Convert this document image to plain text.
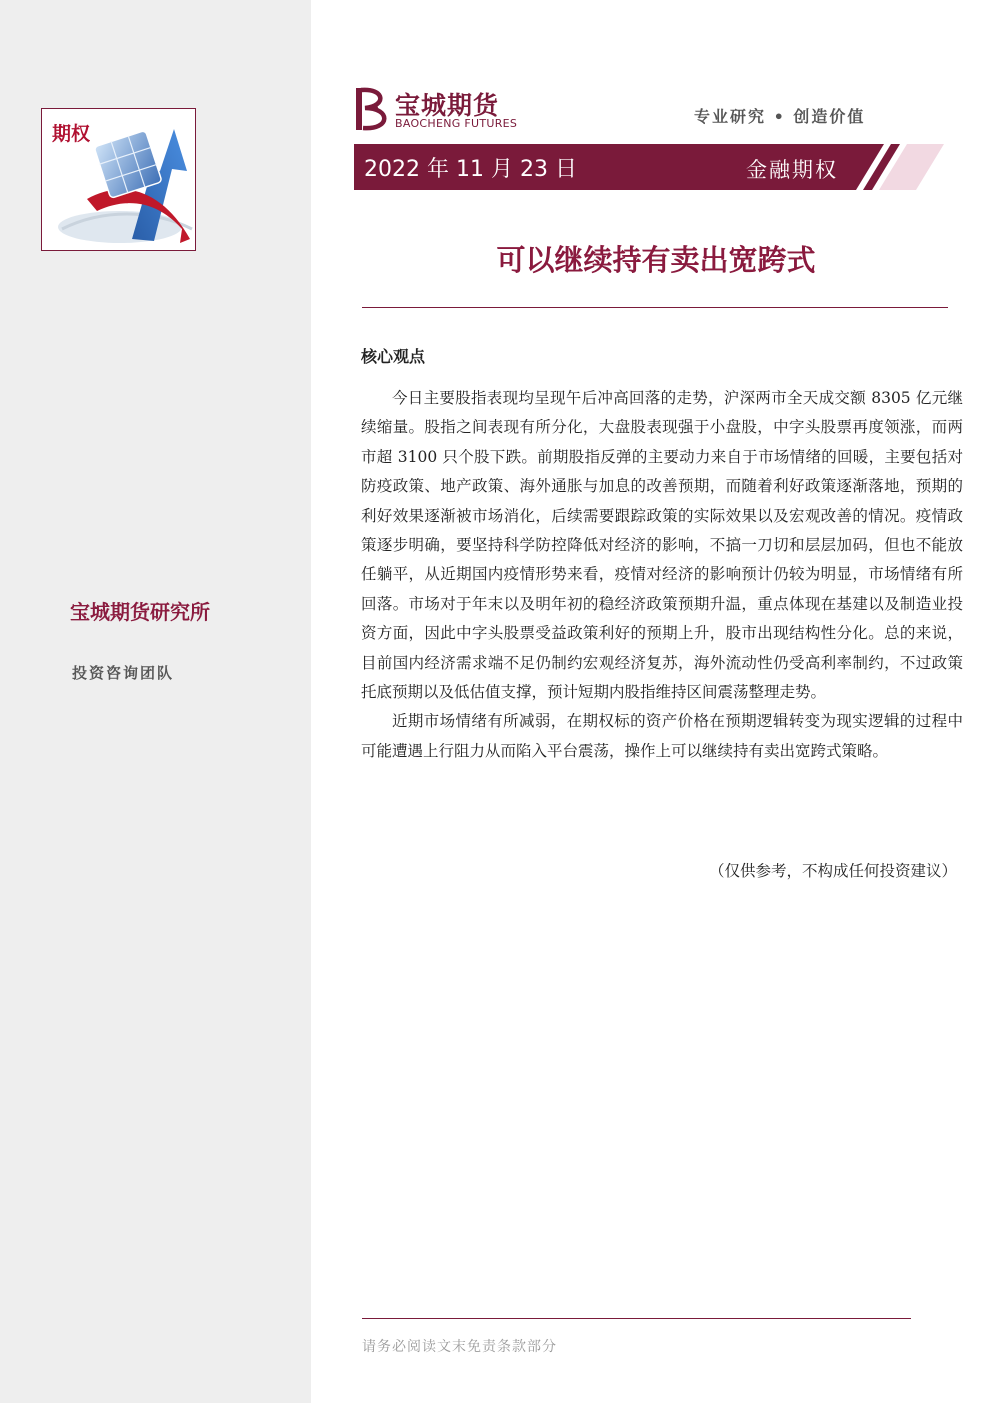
期权
宝城期货研究所
投资咨询团队
宝城期货
BAOCHENG FUTURES	专业研究 • 创造价值
2022 年 11 月 23 日	金融期权
可以继续持有卖出宽跨式
核心观点

今日主要股指表现均呈现午后冲高回落的走势，沪深两市全天成交额 8305 亿元继续缩量。股指之间表现有所分化，大盘股表现强于小盘股，中字头股票再度领涨，而两市超 3100 只个股下跌。前期股指反弹的主要动力来自于市场情绪的回暖，主要包括对防疫政策、地产政策、海外通胀与加息的改善预期，而随着利好政策逐渐落地，预期的利好效果逐渐被市场消化，后续需要跟踪政策的实际效果以及宏观改善的情况。疫情政策逐步明确，要坚持科学防控降低对经济的影响，不搞一刀切和层层加码，但也不能放任躺平，从近期国内疫情形势来看，疫情对经济的影响预计仍较为明显，市场情绪有所回落。市场对于年末以及明年初的稳经济政策预期升温，重点体现在基建以及制造业投资方面，因此中字头股票受益政策利好的预期上升，股市出现结构性分化。总的来说，目前国内经济需求端不足仍制约宏观经济复苏，海外流动性仍受高利率制约，不过政策托底预期以及低估值支撑，预计短期内股指维持区间震荡整理走势。

近期市场情绪有所减弱，在期权标的资产价格在预期逻辑转变为现实逻辑的过程中可能遭遇上行阻力从而陷入平台震荡，操作上可以继续持有卖出宽跨式策略。

（仅供参考，不构成任何投资建议）
请务必阅读文末免责条款部分
